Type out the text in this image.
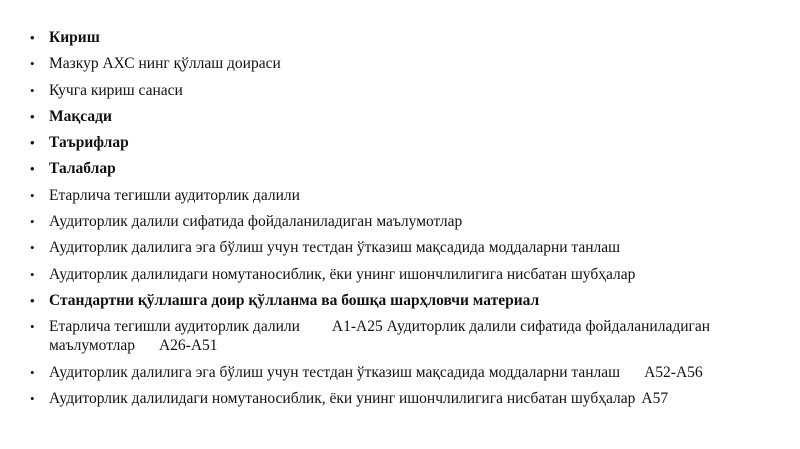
• Кириш
• Мазкур АХС нинг қўллаш доираси
• Кучга кириш санаси
• Мақсади
• Таърифлар
• Талаблар
• Етарлича тегишли аудиторлик далили
• Аудиторлик далили сифатида фойдаланиладиган маълумотлар
• Аудиторлик далилига эга бўлиш учун тестдан ўтказиш мақсадида моддаларни танлаш
• Аудиторлик далилидаги номутаносиблик, ёки унинг ишончлилигига нисбатан шубҳалар
• Стандартни қўллашга доир қўлланма ва бошқа шарҳловчи материал
• Етарлича тегишли аудиторлик далили A1-A25 Аудиторлик далили сифатида фойдаланиладиган маълумотлар A26-A51
• Аудиторлик далилига эга бўлиш учун тестдан ўтказиш мақсадида моддаларни танлаш A52-A56
• Аудиторлик далилидаги номутаносиблик, ёки унинг ишончлилигига нисбатан шубҳалар A57
